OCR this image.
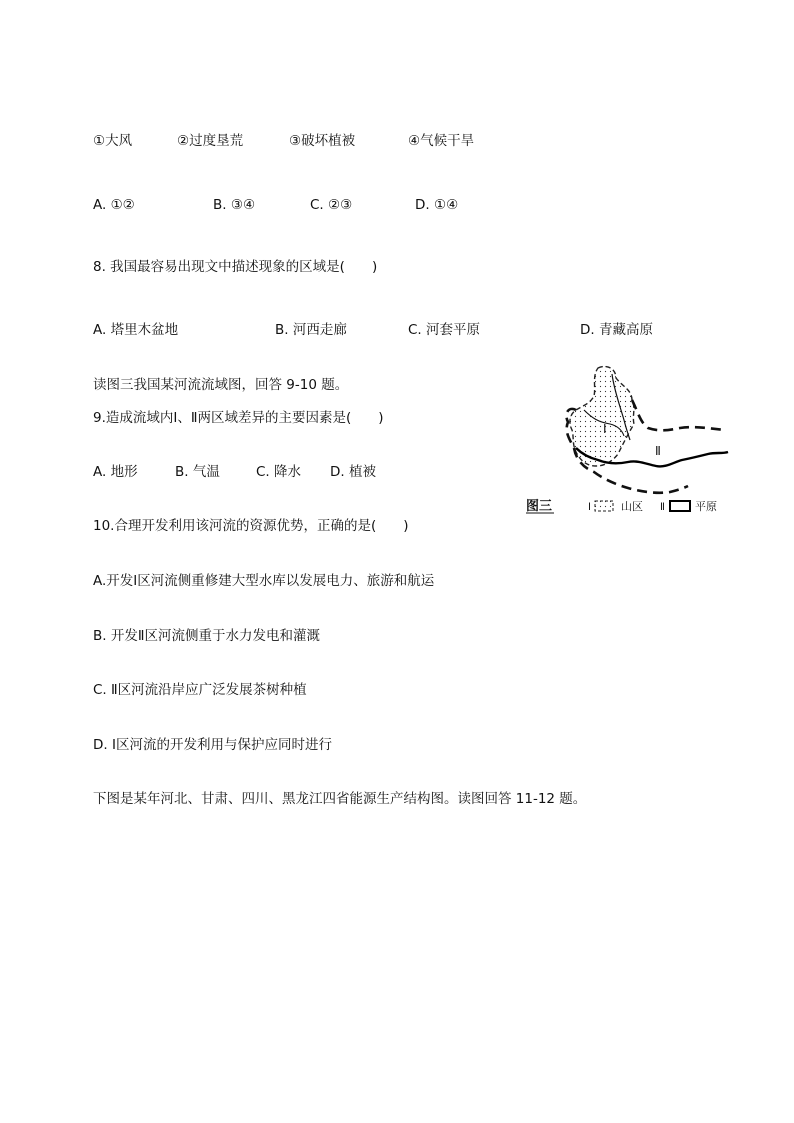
①大风	②过度垦荒	③破坏植被	④气候干旱
A. ①②	B. ③④	C. ②③	D. ①④
8. 我国最容易出现文中描述现象的区域是(　　)
A. 塔里木盆地	B. 河西走廊	C. 河套平原	D. 青藏高原
读图三我国某河流流域图，回答 9-10 题。
9.造成流域内Ⅰ、Ⅱ两区域差异的主要因素是(　　)
A. 地形	B. 气温	C. 降水 D. 植被
10.合理开发利用该河流的资源优势，正确的是(　　)
A.开发Ⅰ区河流侧重修建大型水库以发展电力、旅游和航运
B. 开发Ⅱ区河流侧重于水力发电和灌溉
C. Ⅱ区河流沿岸应广泛发展茶树种植
D. Ⅰ区河流的开发利用与保护应同时进行
下图是某年河北、甘肃、四川、黑龙江四省能源生产结构图。读图回答 11-12 题。
Ⅰ
Ⅱ
图三	Ⅰ	山区 Ⅱ	平原
